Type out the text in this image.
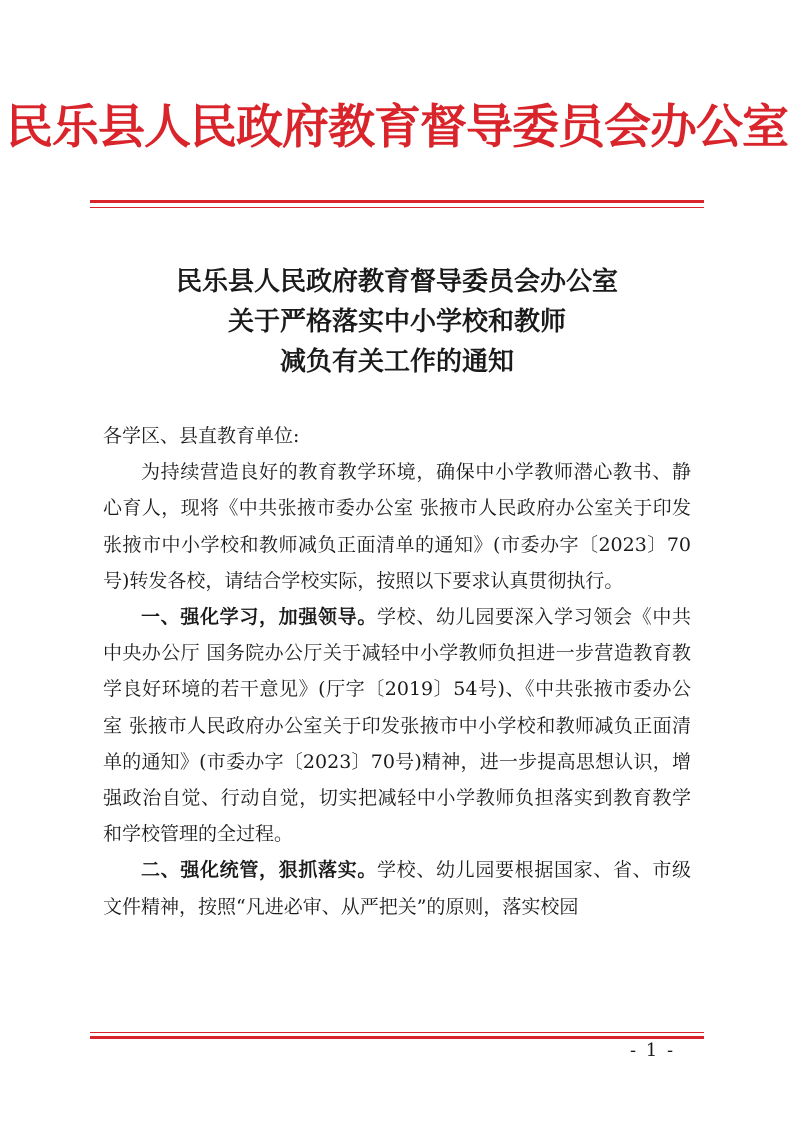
民乐县人民政府教育督导委员会办公室
民乐县人民政府教育督导委员会办公室
关于严格落实中小学校和教师
减负有关工作的通知

各学区、县直教育单位:

为持续营造良好的教育教学环境，确保中小学教师潜心教书、静心育人，现将《中共张掖市委办公室 张掖市人民政府办公室关于印发张掖市中小学校和教师减负正面清单的通知》(市委办字〔2023〕70号)转发各校，请结合学校实际，按照以下要求认真贯彻执行。

一、强化学习，加强领导。学校、幼儿园要深入学习领会《中共中央办公厅 国务院办公厅关于减轻中小学教师负担进一步营造教育教学良好环境的若干意见》(厅字〔2019〕54号)、《中共张掖市委办公室 张掖市人民政府办公室关于印发张掖市中小学校和教师减负正面清单的通知》(市委办字〔2023〕70号)精神，进一步提高思想认识，增强政治自觉、行动自觉，切实把减轻中小学教师负担落实到教育教学和学校管理的全过程。

二、强化统管，狠抓落实。学校、幼儿园要根据国家、省、市级文件精神，按照“凡进必审、从严把关”的原则，落实校园

- 1 -
